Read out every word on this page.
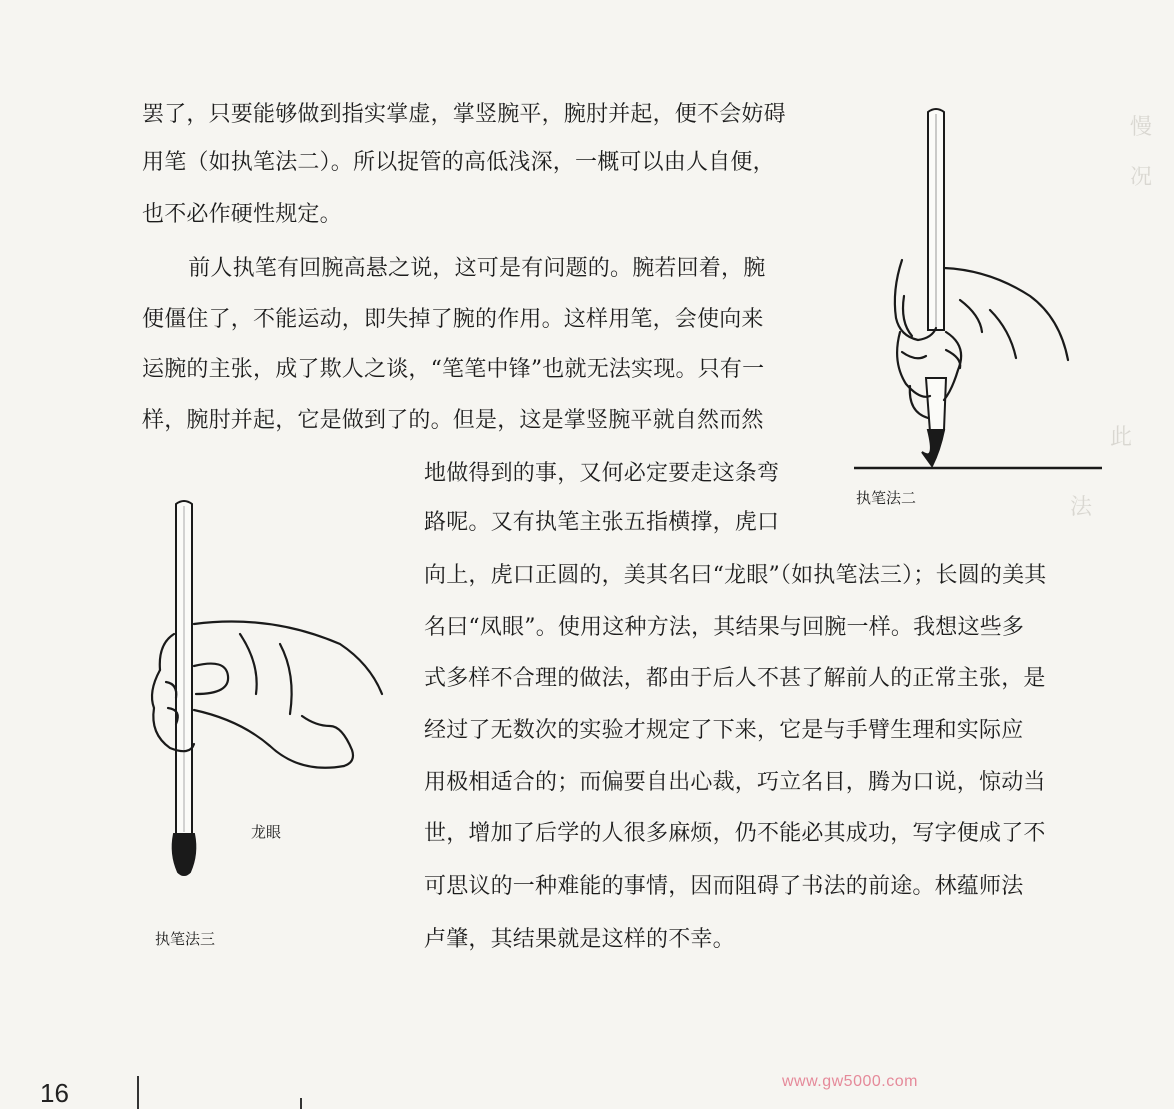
慢
况
此
法
罢了，只要能够做到指实掌虚，掌竖腕平，腕肘并起，便不会妨碍
用笔（如执笔法二）。所以捉管的高低浅深，一概可以由人自便，
也不必作硬性规定。
　前人执笔有回腕高悬之说，这可是有问题的。腕若回着，腕
便僵住了，不能运动，即失掉了腕的作用。这样用笔，会使向来
运腕的主张，成了欺人之谈，“笔笔中锋”也就无法实现。只有一
样，腕肘并起，它是做到了的。但是，这是掌竖腕平就自然而然
地做得到的事，又何必定要走这条弯
路呢。又有执笔主张五指横撑，虎口
向上，虎口正圆的，美其名曰“龙眼”（如执笔法三）；长圆的美其
名曰“凤眼”。使用这种方法，其结果与回腕一样。我想这些多
式多样不合理的做法，都由于后人不甚了解前人的正常主张，是
经过了无数次的实验才规定了下来，它是与手臂生理和实际应
用极相适合的；而偏要自出心裁，巧立名目，腾为口说，惊动当
世，增加了后学的人很多麻烦，仍不能必其成功，写字便成了不
可思议的一种难能的事情，因而阻碍了书法的前途。林蕴师法
卢肇，其结果就是这样的不幸。
执笔法二
龙眼
执笔法三
16	www.gw5000.com
